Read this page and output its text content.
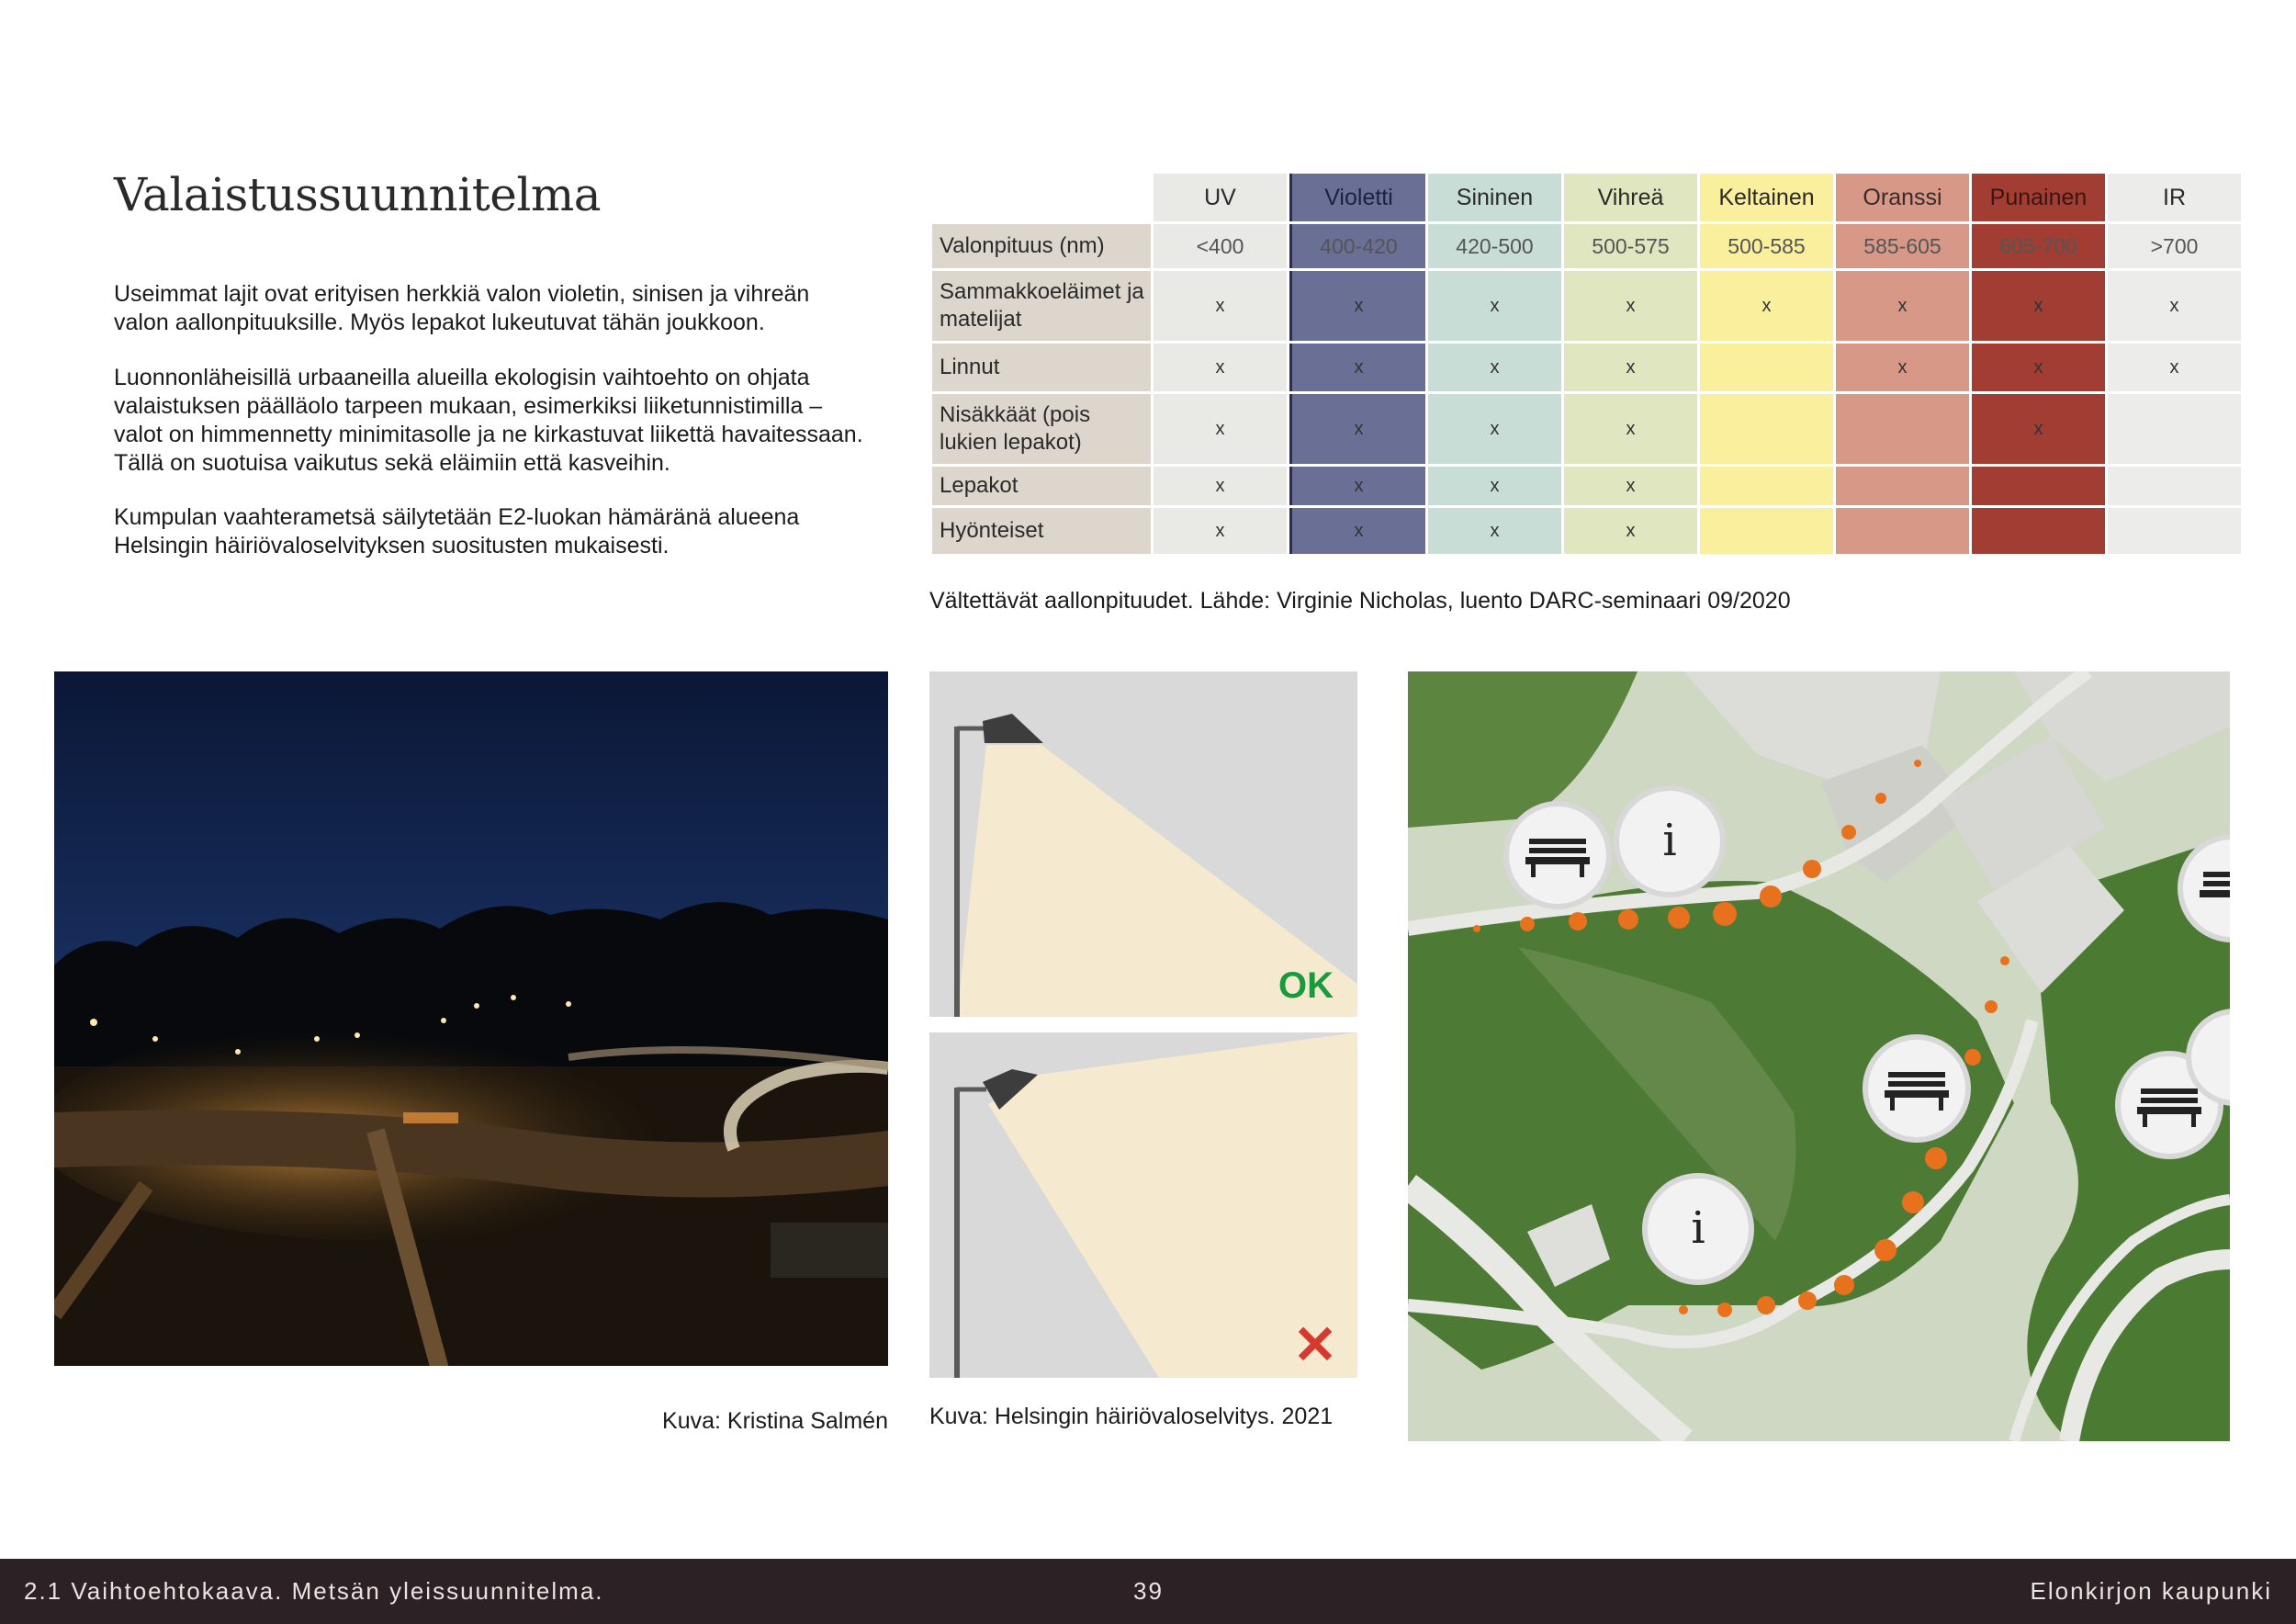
Valaistussuunnitelma

Useimmat lajit ovat erityisen herkkiä valon violetin, sinisen ja vihreän valon aallonpituuksille. Myös lepakot lukeutuvat tähän joukkoon.

Luonnonläheisillä urbaaneilla alueilla ekologisin vaihtoehto on ohjata valaistuksen päälläolo tarpeen mukaan, esimerkiksi liiketunnistimilla – valot on himmennetty minimitasolle ja ne kirkastuvat liikettä havaitessaan. Tällä on suotuisa vaikutus sekä eläimiin että kasveihin.

Kumpulan vaahterametsä säilytetään E2-luokan hämäränä alueena Helsingin häiriövaloselvityksen suositusten mukaisesti.

	UV	Violetti	Sininen	Vihreä	Keltainen	Oranssi	Punainen	IR
Valonpituus (nm)	<400	400-420	420-500	500-575	500-585	585-605	605-700	>700
Sammakkoeläimet ja matelijat	x	x	x	x	x	x	x	x
Linnut	x	x	x	x		x	x	x
Nisäkkäät (pois lukien lepakot)	x	x	x	x			x	
Lepakot	x	x	x	x				
Hyönteiset	x	x	x	x				

Vältettävät aallonpituudet. Lähde: Virginie Nicholas, luento DARC-seminaari 09/2020

Kuva: Kristina Salmén

OK
✕

Kuva: Helsingin häiriövaloselvitys. 2021

i
i
2.1 Vaihtoehtokaava. Metsän yleissuunnitelma.	39	Elonkirjon kaupunki
